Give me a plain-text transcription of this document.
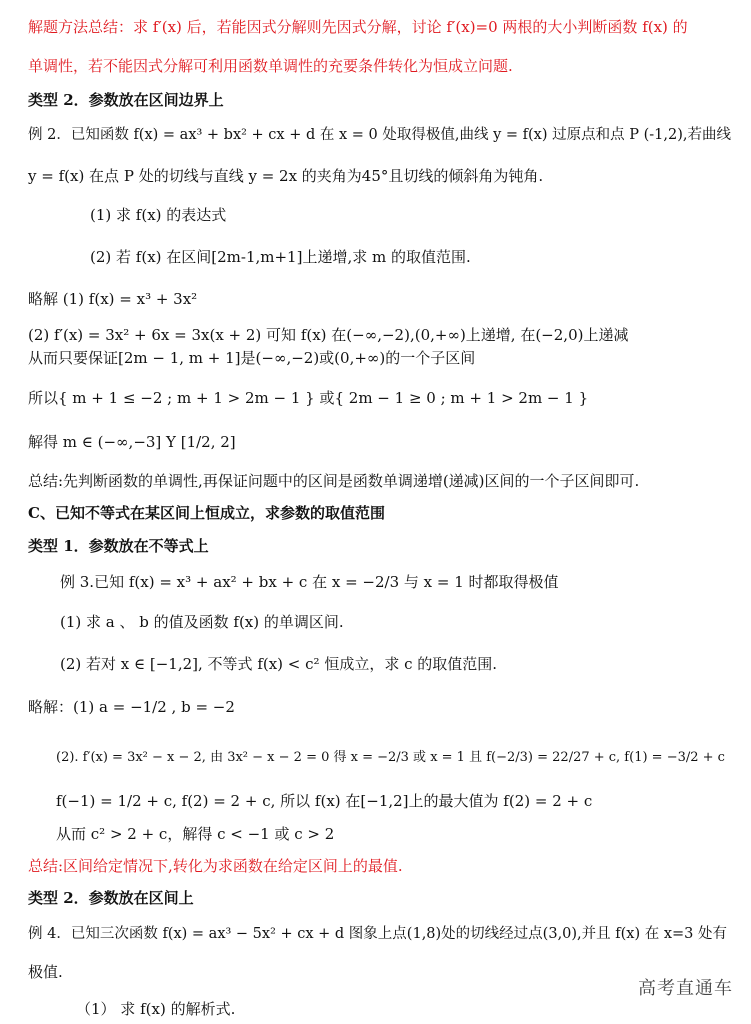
解题方法总结：求 f′(x) 后，若能因式分解则先因式分解，讨论 f′(x)=0 两根的大小判断函数 f(x) 的
单调性，若不能因式分解可利用函数单调性的充要条件转化为恒成立问题.
类型 2．参数放在区间边界上
例 2．已知函数 f(x) = ax³ + bx² + cx + d 在 x = 0 处取得极值,曲线 y = f(x) 过原点和点 P (-1,2),若曲线
y = f(x) 在点 P 处的切线与直线 y = 2x 的夹角为45°且切线的倾斜角为钝角.
(1) 求 f(x) 的表达式
(2) 若 f(x) 在区间[2m-1,m+1]上递增,求 m 的取值范围.
略解 (1) f(x) = x³ + 3x²
(2) f′(x) = 3x² + 6x = 3x(x + 2) 可知 f(x) 在(−∞,−2),(0,+∞)上递增, 在(−2,0)上递减
从而只要保证[2m − 1, m + 1]是(−∞,−2)或(0,+∞)的一个子区间
所以{ m + 1 ≤ −2 ; m + 1 > 2m − 1 } 或{ 2m − 1 ≥ 0 ; m + 1 > 2m − 1 }
解得 m ∈ (−∞,−3] Y [1/2, 2]
总结:先判断函数的单调性,再保证问题中的区间是函数单调递增(递减)区间的一个子区间即可.
C、已知不等式在某区间上恒成立，求参数的取值范围
类型 1．参数放在不等式上
例 3.已知 f(x) = x³ + ax² + bx + c 在 x = −2/3 与 x = 1 时都取得极值
(1) 求 a 、 b 的值及函数 f(x) 的单调区间.
(2) 若对 x ∈ [−1,2], 不等式 f(x) < c² 恒成立，求 c 的取值范围.
略解：(1) a = −1/2 , b = −2
(2). f′(x) = 3x² − x − 2, 由 3x² − x − 2 = 0 得 x = −2/3 或 x = 1 且 f(−2/3) = 22/27 + c, f(1) = −3/2 + c
f(−1) = 1/2 + c, f(2) = 2 + c, 所以 f(x) 在[−1,2]上的最大值为 f(2) = 2 + c
从而 c² > 2 + c，解得 c < −1 或 c > 2
总结:区间给定情况下,转化为求函数在给定区间上的最值.
类型 2．参数放在区间上
例 4．已知三次函数 f(x) = ax³ − 5x² + cx + d 图象上点(1,8)处的切线经过点(3,0),并且 f(x) 在 x=3 处有
极值.
（1） 求 f(x) 的解析式.
高考直通车
